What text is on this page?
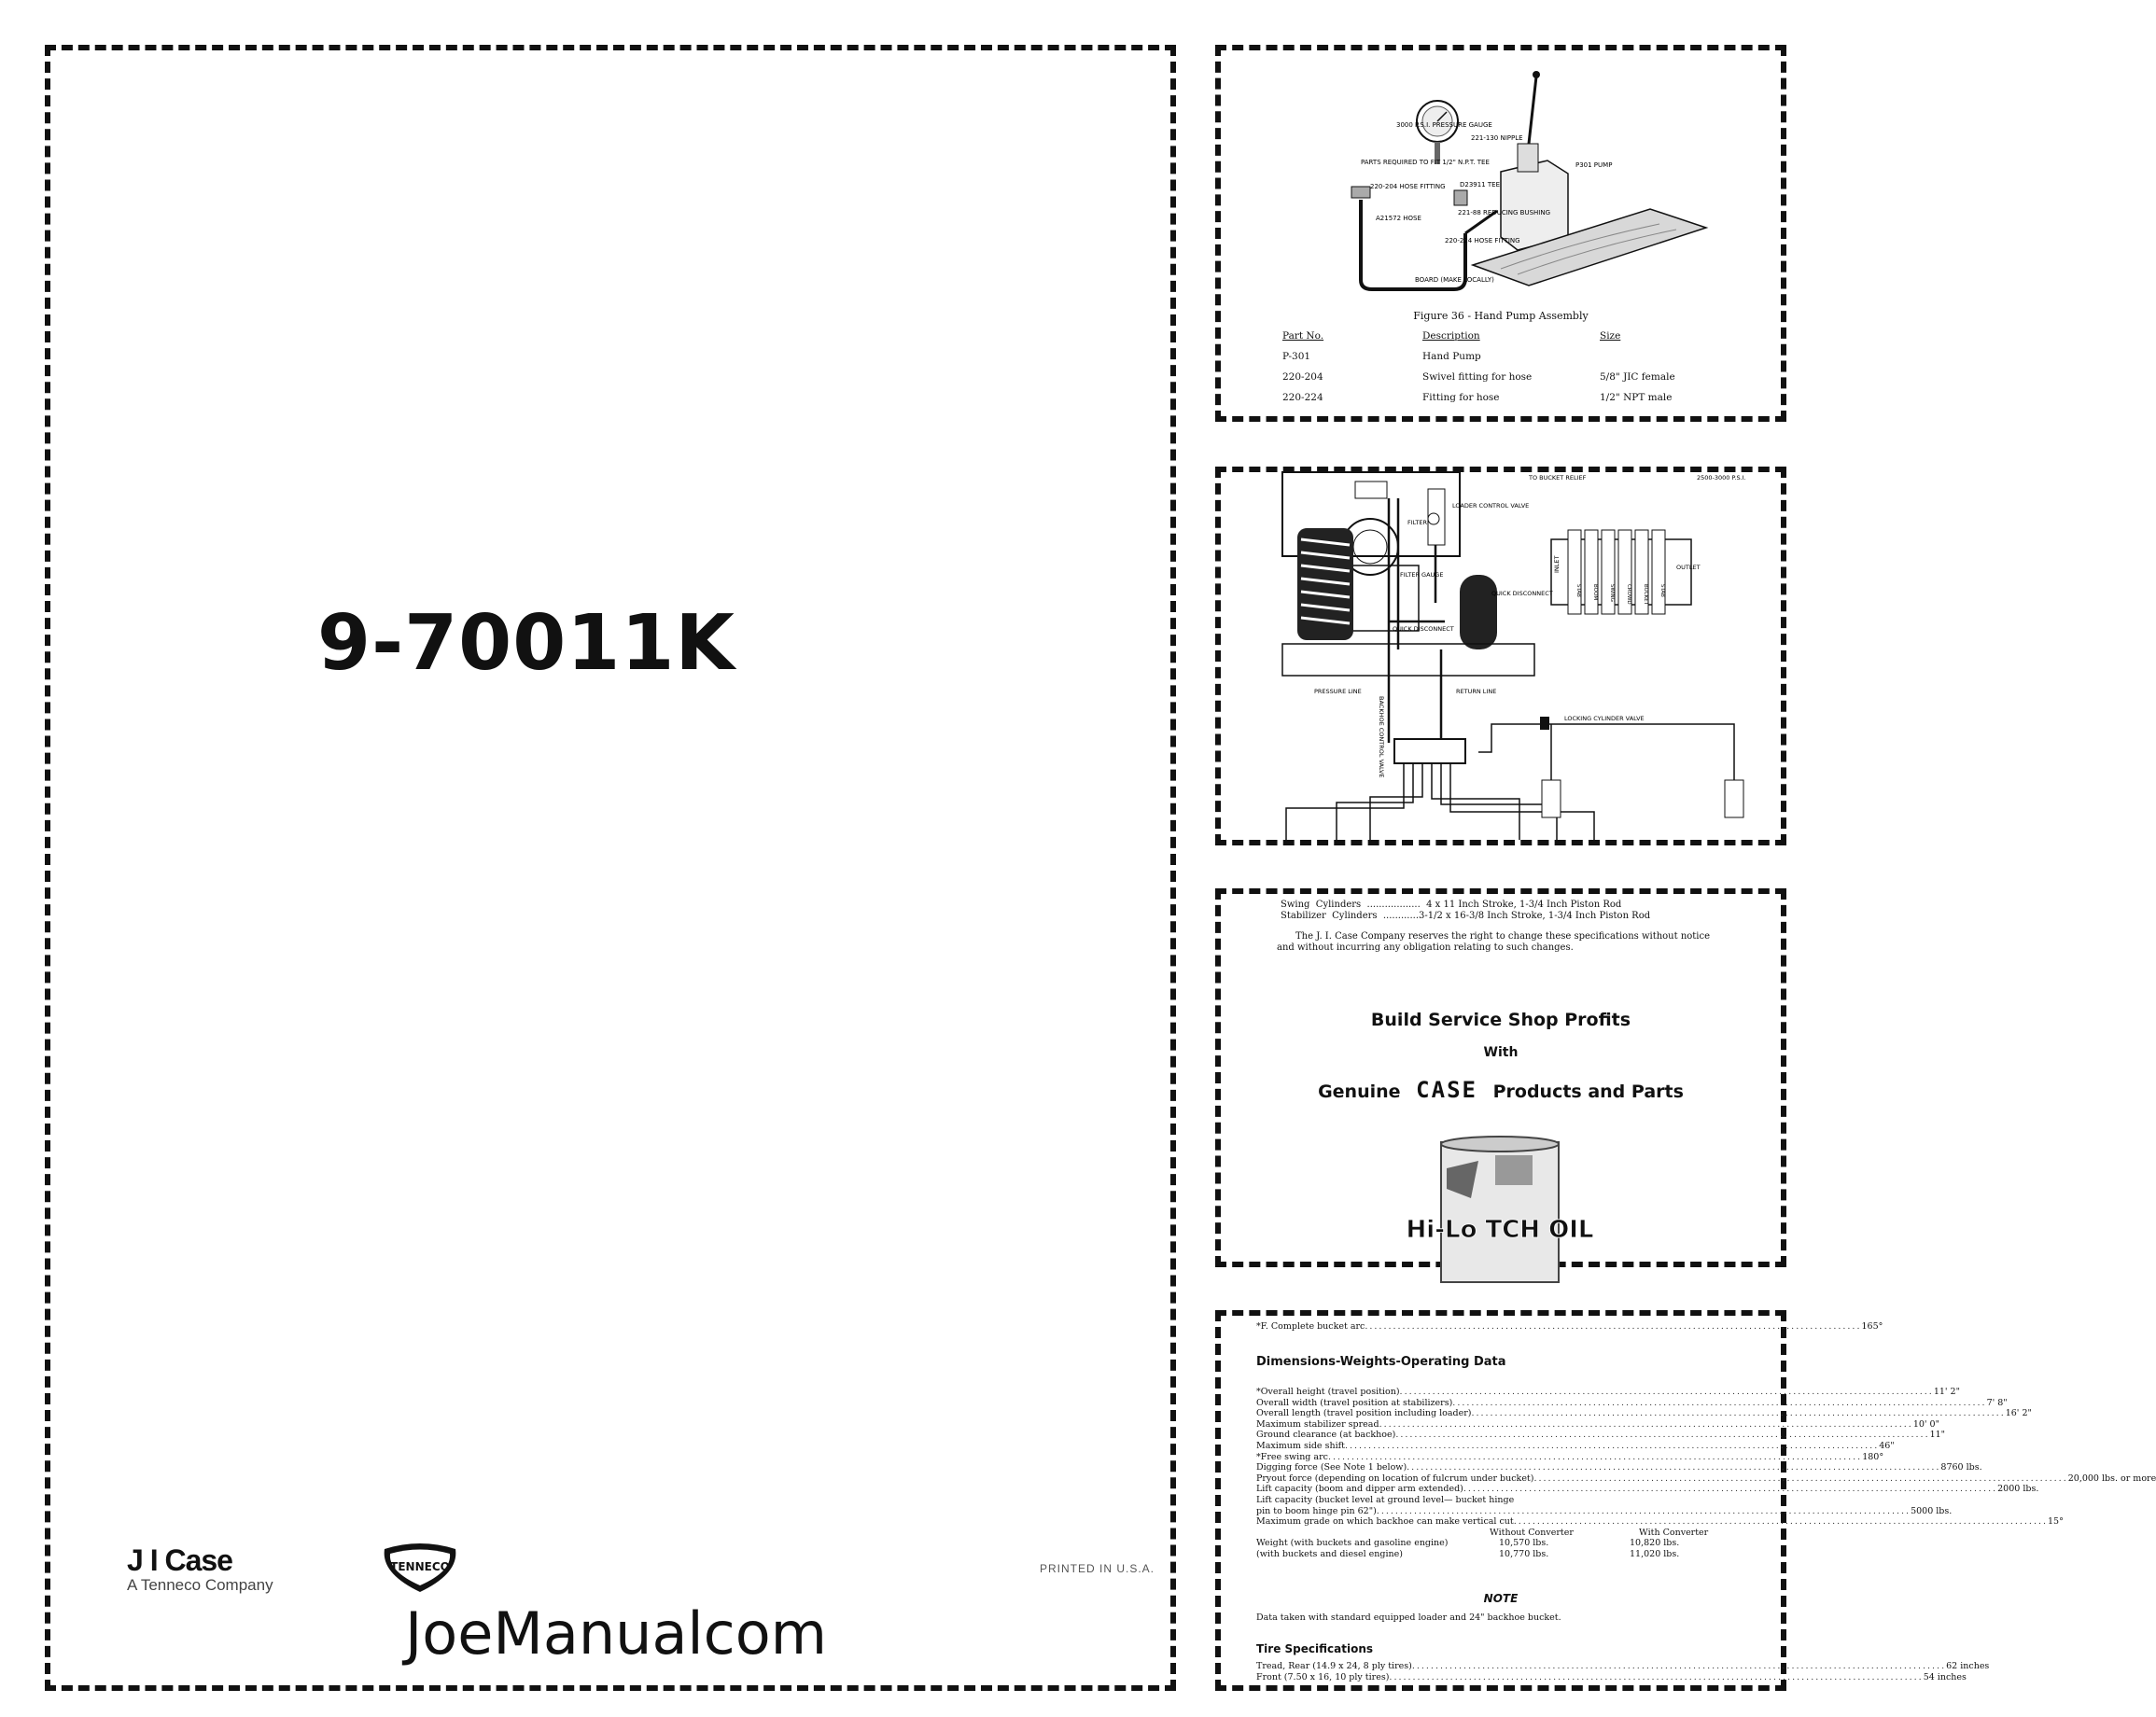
9-70011K
J I Case
A Tenneco Company
TENNECO	PRINTED IN U.S.A.
JoeManualcom
3000 P.S.I. PRESSURE GAUGE
221-130 NIPPLE
P301 PUMP
PARTS REQUIRED TO FIT 1/2" N.P.T. TEE
220-204 HOSE FITTING D23911 TEE
A21572 HOSE
221-88 REDUCING BUSHING
220-224 HOSE FITTING
BOARD (MAKE LOCALLY)
Figure 36 - Hand Pump Assembly
Part No.	Description	Size
P-301	Hand Pump	
220-204	Swivel fitting for hose	5/8" JIC female
220-224	Fitting for hose	1/2" NPT male
INLET	OUTLET
STAB BOOM SWING CROWD BUCKET STAB
TO BUCKET RELIEF	2500-3000 P.S.I.
LOADER CONTROL VALVE
FILTER
FILTER GAUGE
QUICK DISCONNECT
QUICK DISCONNECT
PRESSURE LINE	RETURN LINE
LOCKING CYLINDER VALVE
BACKHOE CONTROL VALVE
Swing  Cylinders  ..................  4 x 11 Inch Stroke, 1-3/4 Inch Piston Rod
Stabilizer  Cylinders  ............3-1/2 x 16-3/8 Inch Stroke, 1-3/4 Inch Piston Rod
The J. I. Case Company reserves the right to change these specifications without notice
and without incurring any obligation relating to such changes.
Build Service Shop Profits
With
Genuine CASE Products and Parts
Hi-Lo TCH OIL
*F. Complete bucket arc .......................................................................................................... 165°
Dimensions-Weights-Operating Data
*Overall height (travel position) .................................................................................................................. 11' 2"
Overall width (travel position at stabilizers) .................................................................................................................. 7' 8"
Overall length (travel position including loader) .................................................................................................................. 16' 2"
Maximum stabilizer spread .................................................................................................................. 10' 0"
Ground clearance (at backhoe) .................................................................................................................. 11"
Maximum side shift .................................................................................................................. 46"
*Free swing arc .................................................................................................................. 180°
Digging force (See Note 1 below) .................................................................................................................. 8760 lbs.
Pryout force (depending on location of fulcrum under bucket) .................................................................................................................. 20,000 lbs. or more
Lift capacity (boom and dipper arm extended) .................................................................................................................. 2000 lbs.
Lift capacity (bucket level at ground level— bucket hinge
pin to boom hinge pin 62") .................................................................................................................. 5000 lbs.
Maximum grade on which backhoe can make vertical cut .................................................................................................................. 15°
Without Converter	With Converter
Weight (with buckets and gasoline engine)	10,570 lbs.	10,820 lbs.
(with buckets and diesel engine)	10,770 lbs.	11,020 lbs.
NOTE
Data taken with standard equipped loader and 24" backhoe bucket.
Tire Specifications
Tread, Rear (14.9 x 24, 8 ply tires) .................................................................................................................. 62 inches
Front (7.50 x 16, 10 ply tires) .................................................................................................................. 54 inches
